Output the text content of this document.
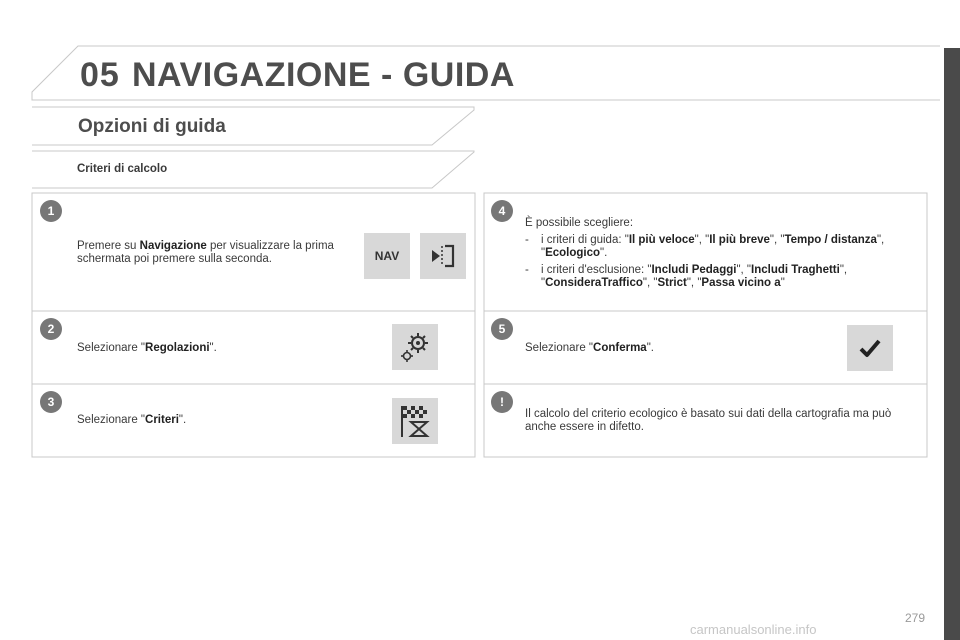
05 NAVIGAZIONE - GUIDA
Opzioni di guida
Criteri di calcolo
1
Premere su Navigazione per visualizzare la prima schermata poi premere sulla seconda.	NAV
2
Selezionare "Regolazioni".
3
Selezionare "Criteri".
4
È possibile scegliere:
- i criteri di guida: "Il più veloce", "Il più breve", "Tempo / distanza", "Ecologico".
- i criteri d'esclusione: "Includi Pedaggi", "Includi Traghetti", "ConsideraTraffico", "Strict", "Passa vicino a"
5
Selezionare "Conferma".
!
Il calcolo del criterio ecologico è basato sui dati della cartografia ma può anche essere in difetto.
279
carmanualsonline.info
